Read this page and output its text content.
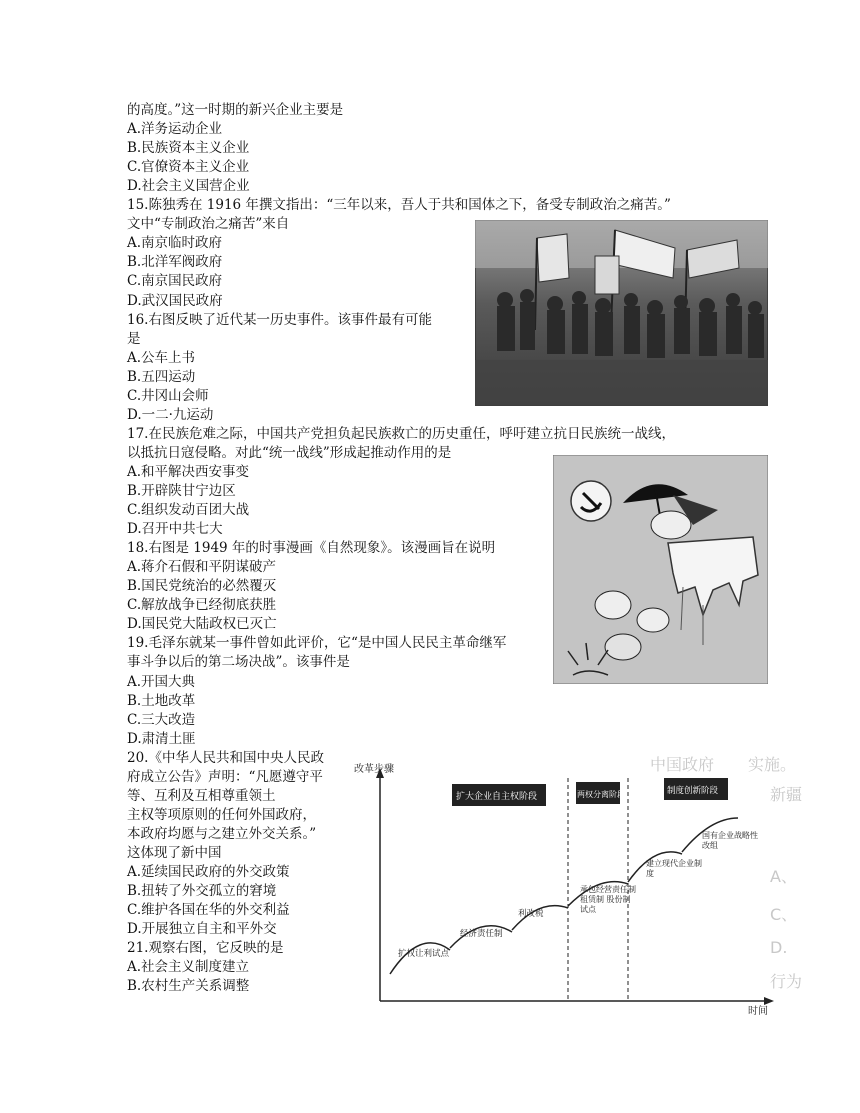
的高度。”这一时期的新兴企业主要是
A.洋务运动企业
B.民族资本主义企业
C.官僚资本主义企业
D.社会主义国营企业
15.陈独秀在 1916 年撰文指出：“三年以来，吾人于共和国体之下，备受专制政治之痛苦。”
文中“专制政治之痛苦”来自
A.南京临时政府
B.北洋军阀政府
C.南京国民政府
D.武汉国民政府
16.右图反映了近代某一历史事件。该事件最有可能
是
A.公车上书
B.五四运动
C.井冈山会师
D.一二·九运动
17.在民族危难之际，中国共产党担负起民族救亡的历史重任，呼吁建立抗日民族统一战线，
以抵抗日寇侵略。对此“统一战线”形成起推动作用的是
A.和平解决西安事变
B.开辟陕甘宁边区
C.组织发动百团大战
D.召开中共七大
18.右图是 1949 年的时事漫画《自然现象》。该漫画旨在说明
A.蒋介石假和平阴谋破产
B.国民党统治的必然覆灭
C.解放战争已经彻底获胜
D.国民党大陆政权已灭亡
19.毛泽东就某一事件曾如此评价，它“是中国人民民主革命继军
事斗争以后的第二场决战”。该事件是
A.开国大典
B.土地改革
C.三大改造
D.肃清土匪
20.《中华人民共和国中央人民政
府成立公告》声明：“凡愿遵守平
等、互利及互相尊重领土
主权等项原则的任何外国政府，
本政府均愿与之建立外交关系。”
这体现了新中国
A.延续国民政府的外交政策
B.扭转了外交孤立的窘境
C.维护各国在华的外交利益
D.开展独立自主和平外交
21.观察右图，它反映的是
A.社会主义制度建立
B.农村生产关系调整
中国政府 实施。
新疆
A、
C、
D.
行为
改革步骤
时间
扩大企业自主权阶段	两权分离阶段	制度创新阶段
扩权让利试点
经济责任制
利改税
承包经营责任制租赁制 股份制试点
建立现代企业制度
国有企业战略性改组
